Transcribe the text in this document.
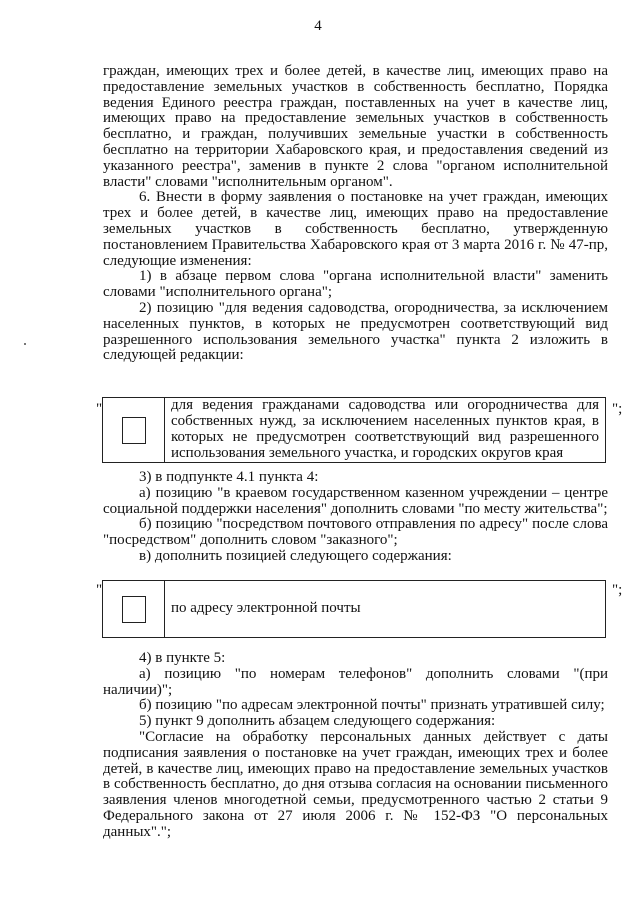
4

граждан, имеющих трех и более детей, в качестве лиц, имеющих право на предоставление земельных участков в собственность бесплатно, Порядка ведения Единого реестра граждан, поставленных на учет в качестве лиц, имеющих право на предоставление земельных участков в собственность бесплатно, и граждан, получивших земельные участки в собственность бесплатно на территории Хабаровского края, и предоставления сведений из указанного реестра", заменив в пункте 2 слова "органом исполнительной власти" словами "исполнительным органом".

6. Внести в форму заявления о постановке на учет граждан, имеющих трех и более детей, в качестве лиц, имеющих право на предоставление земельных участков в собственность бесплатно, утвержденную постановлением Правительства Хабаровского края от 3 марта 2016 г. № 47-пр, следующие изменения:

1) в абзаце первом слова "органа исполнительной власти" заменить словами "исполнительного органа";

2) позицию "для ведения садоводства, огородничества, за исключением населенных пунктов, в которых не предусмотрен соответствующий вид разрешенного использования земельного участка" пункта 2 изложить в следующей редакции:

"	для ведения гражданами садоводства или огородничества для собственных нужд, за исключением населенных пунктов края, в которых не предусмотрен соответствующий вид разрешенного использования земельного участка, и городских округов края
";

3) в подпункте 4.1 пункта 4:

а) позицию "в краевом государственном казенном учреждении – центре социальной поддержки населения" дополнить словами "по месту жительства";

б) позицию "посредством почтового отправления по адресу" после слова "посредством" дополнить словом "заказного";

в) дополнить позицией следующего содержания:

"
по адресу электронной почты
";

4) в пункте 5:

а) позицию "по номерам телефонов" дополнить словами "(при наличии)";

б) позицию "по адресам электронной почты" признать утратившей силу;

5) пункт 9 дополнить абзацем следующего содержания:

"Согласие на обработку персональных данных действует с даты подписания заявления о постановке на учет граждан, имеющих трех и более детей, в качестве лиц, имеющих право на предоставление земельных участков в собственность бесплатно, до дня отзыва согласия на основании письменного заявления членов многодетной семьи, предусмотренного частью 2 статьи 9 Федерального закона от 27 июля 2006 г. № 152-ФЗ "О персональных данных".";
